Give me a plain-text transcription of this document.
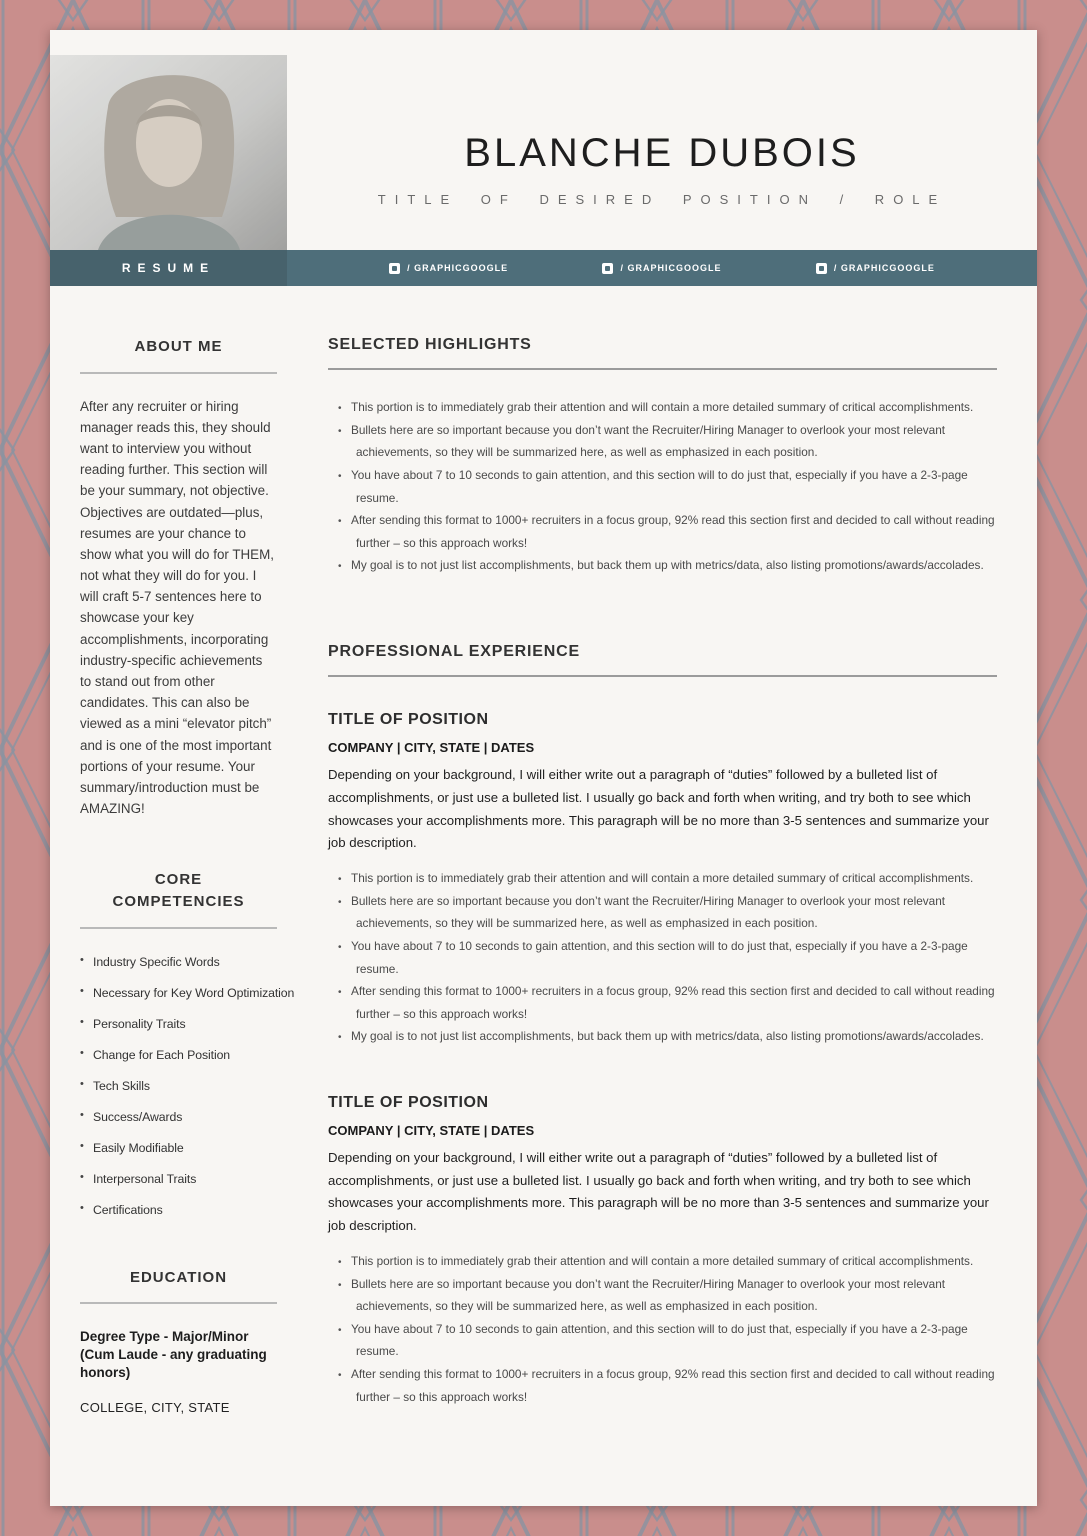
BLANCHE DUBOIS
TITLE OF DESIRED POSITION / ROLE
RESUME	/ GRAPHICGOOGLE	/ GRAPHICGOOGLE	/ GRAPHICGOOGLE
ABOUT ME
After any recruiter or hiring manager reads this, they should want to interview you without reading further. This section will be your summary, not objective. Objectives are outdated—plus, resumes are your chance to show what you will do for THEM, not what they will do for you. I will craft 5-7 sentences here to showcase your key accomplishments, incorporating industry-specific achievements to stand out from other candidates. This can also be viewed as a mini “elevator pitch” and is one of the most important portions of your resume. Your summary/introduction must be AMAZING!
CORE COMPETENCIES
• Industry Specific Words
• Necessary for Key Word Optimization
• Personality Traits
• Change for Each Position
• Tech Skills
• Success/Awards
• Easily Modifiable
• Interpersonal Traits
• Certifications
EDUCATION
Degree Type - Major/Minor (Cum Laude - any graduating honors)
COLLEGE, CITY, STATE
SELECTED HIGHLIGHTS
• This portion is to immediately grab their attention and will contain a more detailed summary of critical accomplishments.
• Bullets here are so important because you don’t want the Recruiter/Hiring Manager to overlook your most relevant achievements, so they will be summarized here, as well as emphasized in each position.
• You have about 7 to 10 seconds to gain attention, and this section will to do just that, especially if you have a 2-3-page resume.
• After sending this format to 1000+ recruiters in a focus group, 92% read this section first and decided to call without reading further – so this approach works!
• My goal is to not just list accomplishments, but back them up with metrics/data, also listing promotions/awards/accolades.
PROFESSIONAL EXPERIENCE
TITLE OF POSITION
COMPANY | CITY, STATE | DATES
Depending on your background, I will either write out a paragraph of “duties” followed by a bulleted list of accomplishments, or just use a bulleted list. I usually go back and forth when writing, and try both to see which showcases your accomplishments more. This paragraph will be no more than 3-5 sentences and summarize your job description.
• This portion is to immediately grab their attention and will contain a more detailed summary of critical accomplishments.
• Bullets here are so important because you don’t want the Recruiter/Hiring Manager to overlook your most relevant achievements, so they will be summarized here, as well as emphasized in each position.
• You have about 7 to 10 seconds to gain attention, and this section will to do just that, especially if you have a 2-3-page resume.
• After sending this format to 1000+ recruiters in a focus group, 92% read this section first and decided to call without reading further – so this approach works!
• My goal is to not just list accomplishments, but back them up with metrics/data, also listing promotions/awards/accolades.
TITLE OF POSITION
COMPANY | CITY, STATE | DATES
Depending on your background, I will either write out a paragraph of “duties” followed by a bulleted list of accomplishments, or just use a bulleted list. I usually go back and forth when writing, and try both to see which showcases your accomplishments more. This paragraph will be no more than 3-5 sentences and summarize your job description.
• This portion is to immediately grab their attention and will contain a more detailed summary of critical accomplishments.
• Bullets here are so important because you don’t want the Recruiter/Hiring Manager to overlook your most relevant achievements, so they will be summarized here, as well as emphasized in each position.
• You have about 7 to 10 seconds to gain attention, and this section will to do just that, especially if you have a 2-3-page resume.
• After sending this format to 1000+ recruiters in a focus group, 92% read this section first and decided to call without reading further – so this approach works!
